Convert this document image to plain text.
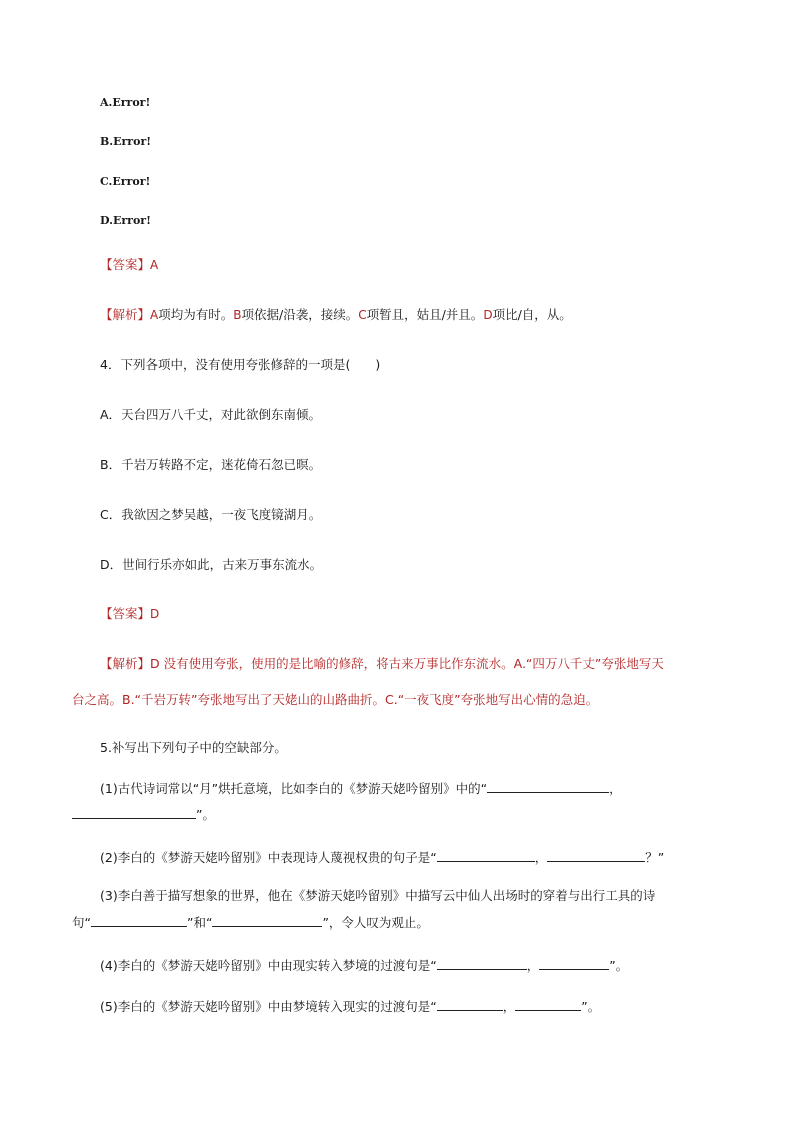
A.Error!
B.Error!
C.Error!
D.Error!
【答案】A
【解析】A项均为有时。B项依据/沿袭，接续。C项暂且，姑且/并且。D项比/自，从。
4．下列各项中，没有使用夸张修辞的一项是(　　)
A．天台四万八千丈，对此欲倒东南倾。
B．千岩万转路不定，迷花倚石忽已暝。
C．我欲因之梦吴越，一夜飞度镜湖月。
D．世间行乐亦如此，古来万事东流水。
【答案】D
【解析】D 没有使用夸张，使用的是比喻的修辞，将古来万事比作东流水。A.“四万八千丈”夸张地写天
台之高。B.“千岩万转”夸张地写出了天姥山的山路曲折。C.“一夜飞度”夸张地写出心情的急迫。
5.补写出下列句子中的空缺部分。
(1)古代诗词常以“月”烘托意境，比如李白的《梦游天姥吟留别》中的“	，
”。
(2)李白的《梦游天姥吟留别》中表现诗人蔑视权贵的句子是“	，	？”
(3)李白善于描写想象的世界，他在《梦游天姥吟留别》中描写云中仙人出场时的穿着与出行工具的诗
句“	”和“	”，令人叹为观止。
(4)李白的《梦游天姥吟留别》中由现实转入梦境的过渡句是“	，	”。
(5)李白的《梦游天姥吟留别》中由梦境转入现实的过渡句是“	，	”。
